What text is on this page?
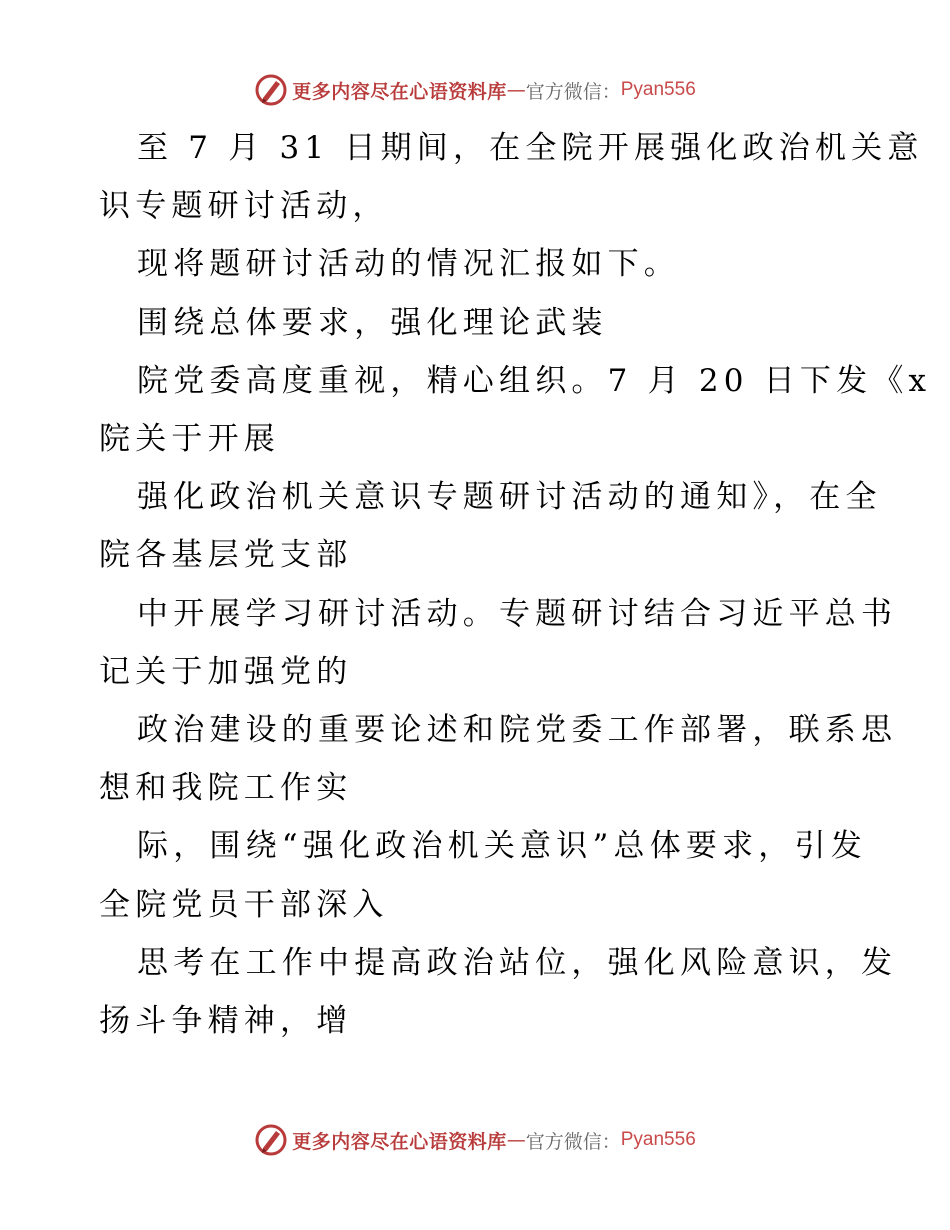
更多内容尽在心语资料库 — 官方微信： Pyan556
至 7 月 31 日期间，在全院开展强化政治机关意
识专题研讨活动，
现将题研讨活动的情况汇报如下。
围绕总体要求，强化理论武装
院党委高度重视，精心组织。7 月 20 日下发《x
院关于开展
强化政治机关意识专题研讨活动的通知》，在全
院各基层党支部
中开展学习研讨活动。专题研讨结合习近平总书
记关于加强党的
政治建设的重要论述和院党委工作部署，联系思
想和我院工作实
际，围绕“强化政治机关意识”总体要求，引发
全院党员干部深入
思考在工作中提高政治站位，强化风险意识，发
扬斗争精神，增
更多内容尽在心语资料库 — 官方微信： Pyan556
